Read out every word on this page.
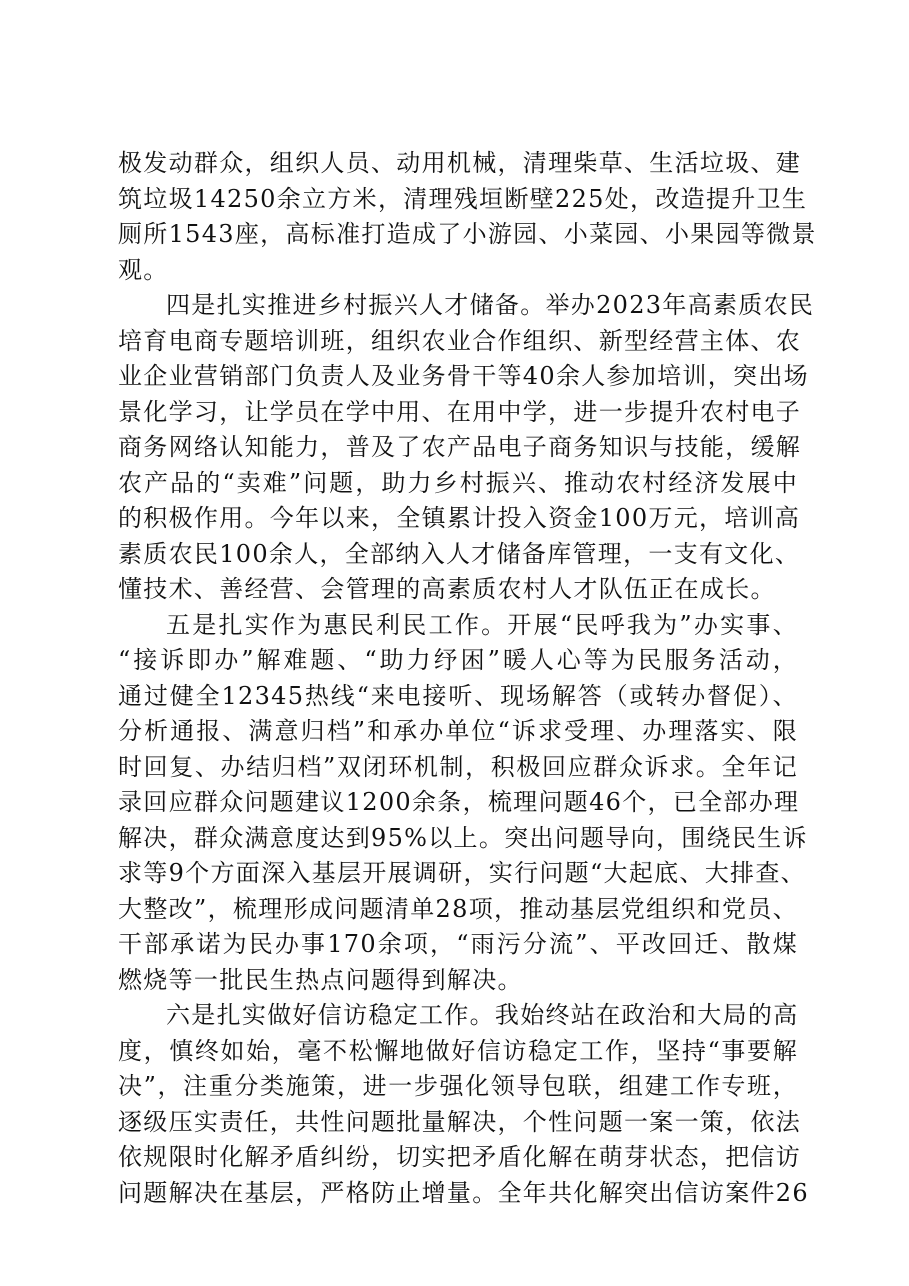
极发动群众，组织人员、动用机械，清理柴草、生活垃圾、建
筑垃圾14250余立方米，清理残垣断壁225处，改造提升卫生
厕所1543座，高标准打造成了小游园、小菜园、小果园等微景
观。
四是扎实推进乡村振兴人才储备。举办2023年高素质农民
培育电商专题培训班，组织农业合作组织、新型经营主体、农
业企业营销部门负责人及业务骨干等40余人参加培训，突出场
景化学习，让学员在学中用、在用中学，进一步提升农村电子
商务网络认知能力，普及了农产品电子商务知识与技能，缓解
农产品的“卖难”问题，助力乡村振兴、推动农村经济发展中
的积极作用。今年以来，全镇累计投入资金100万元，培训高
素质农民100余人，全部纳入人才储备库管理，一支有文化、
懂技术、善经营、会管理的高素质农村人才队伍正在成长。
五是扎实作为惠民利民工作。开展“民呼我为”办实事、
“接诉即办”解难题、“助力纾困”暖人心等为民服务活动，
通过健全12345热线“来电接听、现场解答（或转办督促）、
分析通报、满意归档”和承办单位“诉求受理、办理落实、限
时回复、办结归档”双闭环机制，积极回应群众诉求。全年记
录回应群众问题建议1200余条，梳理问题46个，已全部办理
解决，群众满意度达到95%以上。突出问题导向，围绕民生诉
求等9个方面深入基层开展调研，实行问题“大起底、大排查、
大整改”，梳理形成问题清单28项，推动基层党组织和党员、
干部承诺为民办事170余项，“雨污分流”、平改回迁、散煤
燃烧等一批民生热点问题得到解决。
六是扎实做好信访稳定工作。我始终站在政治和大局的高
度，慎终如始，毫不松懈地做好信访稳定工作，坚持“事要解
决”，注重分类施策，进一步强化领导包联，组建工作专班，
逐级压实责任，共性问题批量解决，个性问题一案一策，依法
依规限时化解矛盾纠纷，切实把矛盾化解在萌芽状态，把信访
问题解决在基层，严格防止增量。全年共化解突出信访案件26
